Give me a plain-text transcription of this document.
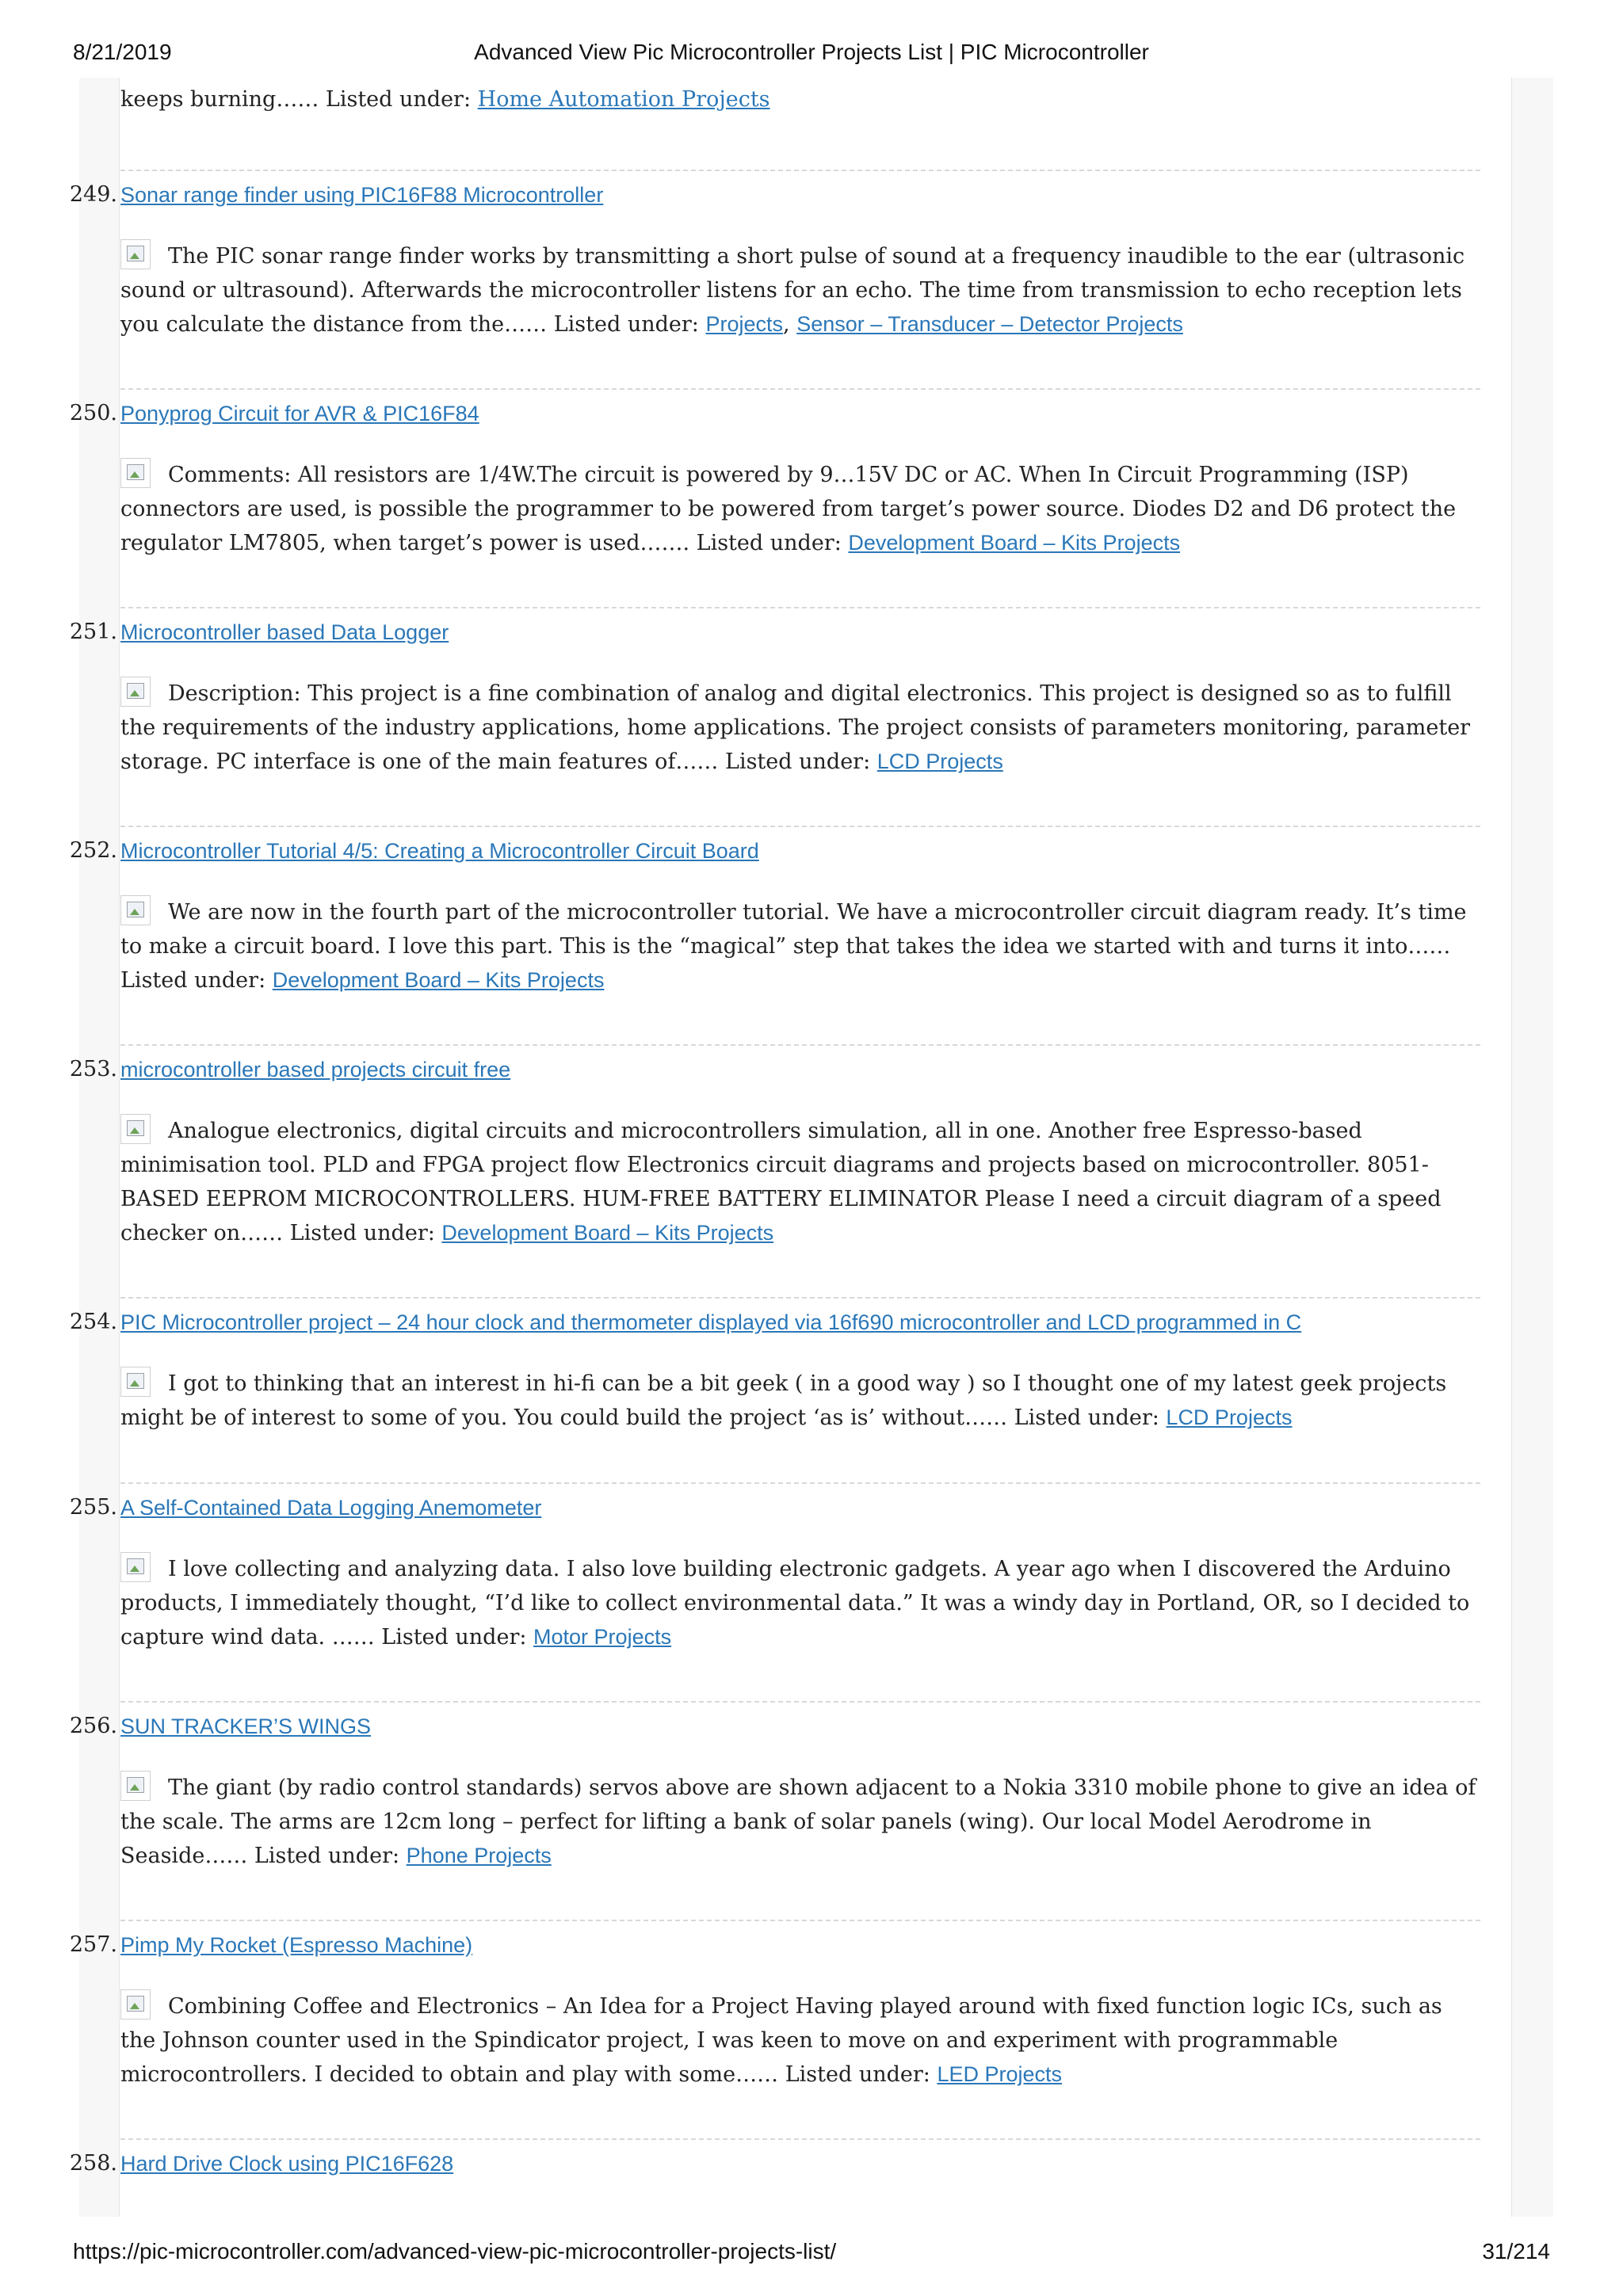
8/21/2019	Advanced View Pic Microcontroller Projects List | PIC Microcontroller
keeps burning…… Listed under: Home Automation Projects
249. Sonar range finder using PIC16F88 Microcontroller
The PIC sonar range finder works by transmitting a short pulse of sound at a frequency inaudible to the ear (ultrasonic sound or ultrasound). Afterwards the microcontroller listens for an echo. The time from transmission to echo reception lets you calculate the distance from the…… Listed under: Projects, Sensor – Transducer – Detector Projects
250. Ponyprog Circuit for AVR & PIC16F84
Comments: All resistors are 1/4W.The circuit is powered by 9…15V DC or AC. When In Circuit Programming (ISP) connectors are used, is possible the programmer to be powered from target’s power source. Diodes D2 and D6 protect the regulator LM7805, when target’s power is used……. Listed under: Development Board – Kits Projects
251. Microcontroller based Data Logger
Description: This project is a fine combination of analog and digital electronics. This project is designed so as to fulfill the requirements of the industry applications, home applications. The project consists of parameters monitoring, parameter storage. PC interface is one of the main features of…… Listed under: LCD Projects
252. Microcontroller Tutorial 4/5: Creating a Microcontroller Circuit Board
We are now in the fourth part of the microcontroller tutorial. We have a microcontroller circuit diagram ready. It’s time to make a circuit board. I love this part. This is the “magical” step that takes the idea we started with and turns it into…… Listed under: Development Board – Kits Projects
253. microcontroller based projects circuit free
Analogue electronics, digital circuits and microcontrollers simulation, all in one. Another free Espresso-based minimisation tool. PLD and FPGA project flow Electronics circuit diagrams and projects based on microcontroller. 8051-BASED EEPROM MICROCONTROLLERS. HUM-FREE BATTERY ELIMINATOR Please I need a circuit diagram of a speed checker on…… Listed under: Development Board – Kits Projects
254. PIC Microcontroller project – 24 hour clock and thermometer displayed via 16f690 microcontroller and LCD programmed in C
I got to thinking that an interest in hi-fi can be a bit geek ( in a good way ) so I thought one of my latest geek projects might be of interest to some of you. You could build the project ‘as is’ without…… Listed under: LCD Projects
255. A Self-Contained Data Logging Anemometer
I love collecting and analyzing data. I also love building electronic gadgets. A year ago when I discovered the Arduino products, I immediately thought, “I’d like to collect environmental data.” It was a windy day in Portland, OR, so I decided to capture wind data. …… Listed under: Motor Projects
256. SUN TRACKER’S WINGS
The giant (by radio control standards) servos above are shown adjacent to a Nokia 3310 mobile phone to give an idea of the scale. The arms are 12cm long – perfect for lifting a bank of solar panels (wing). Our local Model Aerodrome in Seaside…… Listed under: Phone Projects
257. Pimp My Rocket (Espresso Machine)
Combining Coffee and Electronics – An Idea for a Project Having played around with fixed function logic ICs, such as the Johnson counter used in the Spindicator project, I was keen to move on and experiment with programmable microcontrollers. I decided to obtain and play with some…… Listed under: LED Projects
258. Hard Drive Clock using PIC16F628
https://pic-microcontroller.com/advanced-view-pic-microcontroller-projects-list/	31/214
